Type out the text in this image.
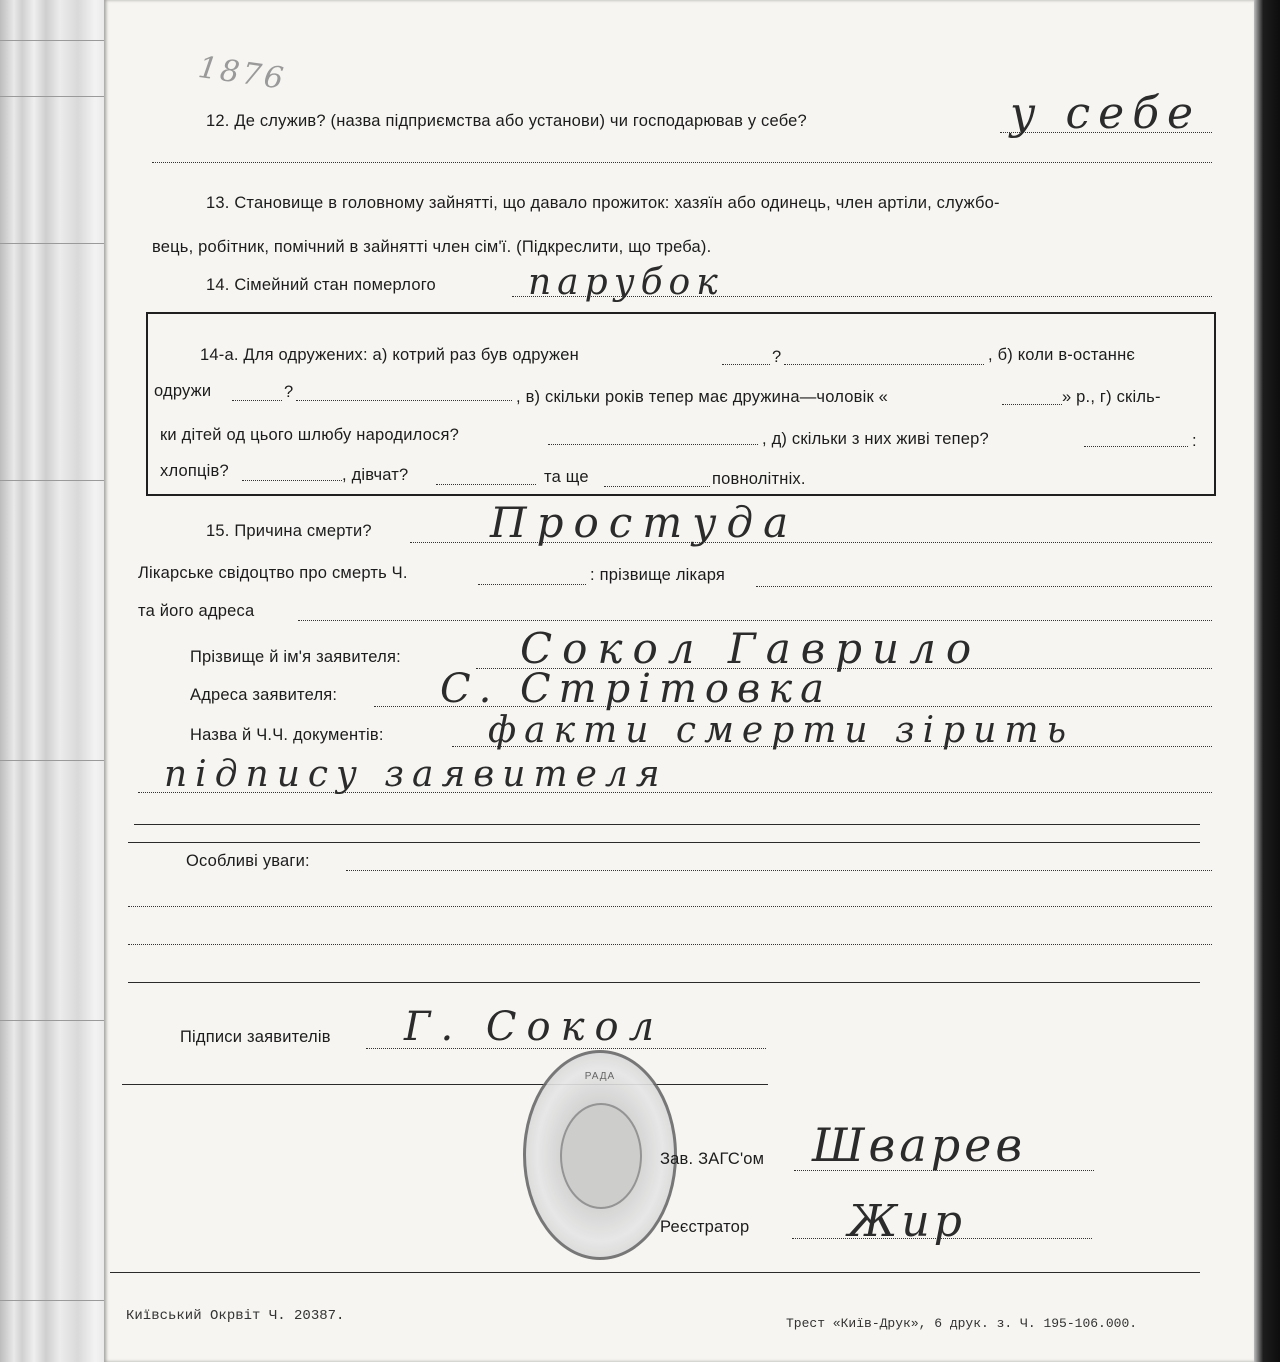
1876
12. Де служив? (назва підприємства або установи) чи господарював у себе?	у себе
13. Становище в головному зайнятті, що давало прожиток: хазяїн або одинець, член артіли, службо-
вець, робітник, помічний в зайнятті член сім'ї. (Підкреслити, що треба).
14. Сімейний стан померлого	парубок
14-а. Для одружених: а) котрий раз був одружен	?	, б) коли в-останнє
одружи	?	, в) скільки років тепер має дружина—чоловік «	» р., г) скіль-
ки дітей од цього шлюбу народилося?	, д) скільки з них живі тепер?	:
хлопців?	, дівчат?	та ще	повнолітніх.
15. Причина смерти?	Простуда
Лікарське свідоцтво про смерть Ч.	: прізвище лікаря
та його адреса
Прізвище й ім'я заявителя:	Сокол Гаврило
Адреса заявителя:	С. Стрітовка
Назва й Ч.Ч. документів:	факти смерти зірить
підпису заявителя
Особливі уваги:
Підписи заявителів Г. Сокол
РАДА
Зав. ЗАГС'ом Шварев
Реєстратор Жир
Київський Окрвіт Ч. 20387.	Трест «Київ-Друк», 6 друк. з. Ч. 195-106.000.
